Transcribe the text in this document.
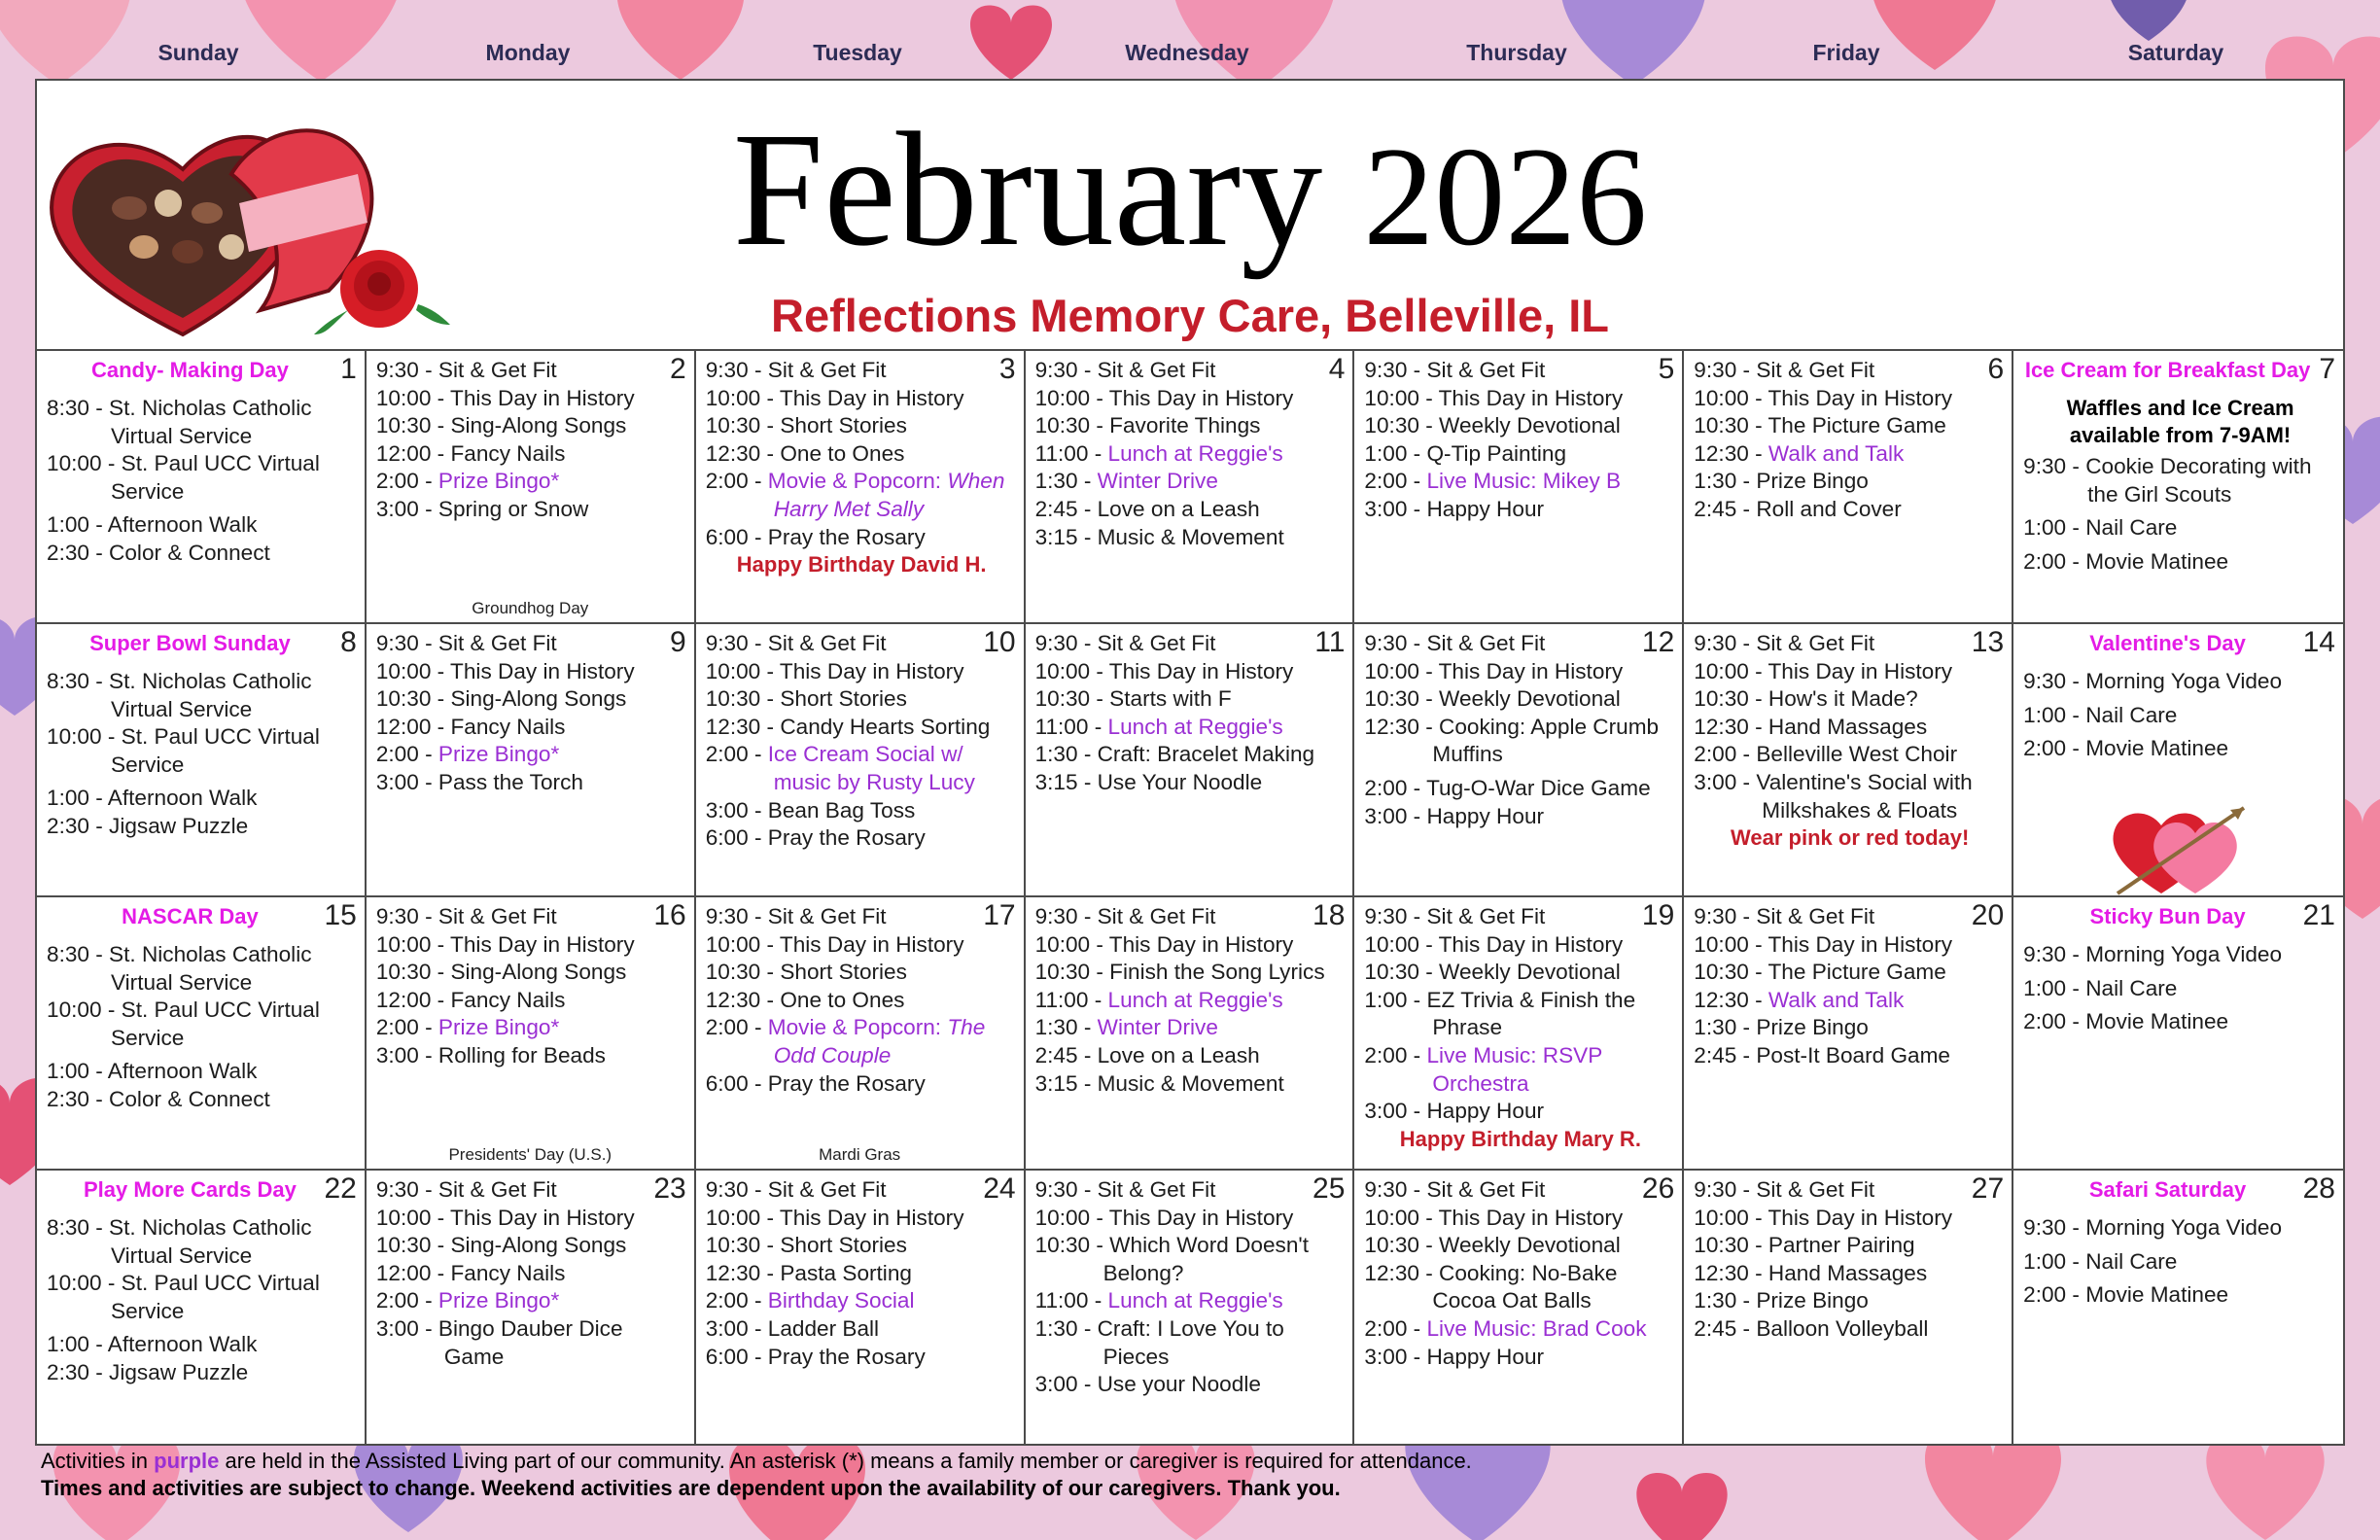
Sunday	Monday	Tuesday	Wednesday	Thursday	Friday	Saturday
February 2026
Reflections Memory Care, Belleville, IL
1
Candy- Making Day
8:30 - St. Nicholas Catholic Virtual Service
10:00 - St. Paul UCC Virtual Service
1:00 - Afternoon Walk
2:30 - Color & Connect
2
9:30 - Sit & Get Fit
10:00 - This Day in History
10:30 - Sing-Along Songs
12:00 - Fancy Nails
2:00 - Prize Bingo*
3:00 - Spring or Snow
Groundhog Day
3
9:30 - Sit & Get Fit
10:00 - This Day in History
10:30 - Short Stories
12:30 - One to Ones
2:00 - Movie & Popcorn: When Harry Met Sally
6:00 - Pray the Rosary
Happy Birthday David H.
4
9:30 - Sit & Get Fit
10:00 - This Day in History
10:30 - Favorite Things
11:00 - Lunch at Reggie's
1:30 - Winter Drive
2:45 - Love on a Leash
3:15 - Music & Movement
5
9:30 - Sit & Get Fit
10:00 - This Day in History
10:30 - Weekly Devotional
1:00 - Q-Tip Painting
2:00 - Live Music: Mikey B
3:00 - Happy Hour
6
9:30 - Sit & Get Fit
10:00 - This Day in History
10:30 - The Picture Game
12:30 - Walk and Talk
1:30 - Prize Bingo
2:45 - Roll and Cover
7
Ice Cream for Breakfast Day
Waffles and Ice Cream available from 7-9AM!
9:30 - Cookie Decorating with the Girl Scouts
1:00 - Nail Care
2:00 - Movie Matinee
8
Super Bowl Sunday
8:30 - St. Nicholas Catholic Virtual Service
10:00 - St. Paul UCC Virtual Service
1:00 - Afternoon Walk
2:30 - Jigsaw Puzzle
9
9:30 - Sit & Get Fit
10:00 - This Day in History
10:30 - Sing-Along Songs
12:00 - Fancy Nails
2:00 - Prize Bingo*
3:00 - Pass the Torch
10
9:30 - Sit & Get Fit
10:00 - This Day in History
10:30 - Short Stories
12:30 - Candy Hearts Sorting
2:00 - Ice Cream Social w/ music by Rusty Lucy
3:00 - Bean Bag Toss
6:00 - Pray the Rosary
11
9:30 - Sit & Get Fit
10:00 - This Day in History
10:30 - Starts with F
11:00 - Lunch at Reggie's
1:30 - Craft: Bracelet Making
3:15 - Use Your Noodle
12
9:30 - Sit & Get Fit
10:00 - This Day in History
10:30 - Weekly Devotional
12:30 - Cooking: Apple Crumb Muffins
2:00 - Tug-O-War Dice Game
3:00 - Happy Hour
13
9:30 - Sit & Get Fit
10:00 - This Day in History
10:30 - How's it Made?
12:30 - Hand Massages
2:00 - Belleville West Choir
3:00 - Valentine's Social with Milkshakes & Floats
Wear pink or red today!
14
Valentine's Day
9:30 - Morning Yoga Video
1:00 - Nail Care
2:00 - Movie Matinee
15
NASCAR Day
8:30 - St. Nicholas Catholic Virtual Service
10:00 - St. Paul UCC Virtual Service
1:00 - Afternoon Walk
2:30 - Color & Connect
16
9:30 - Sit & Get Fit
10:00 - This Day in History
10:30 - Sing-Along Songs
12:00 - Fancy Nails
2:00 - Prize Bingo*
3:00 - Rolling for Beads
Presidents' Day (U.S.)
17
9:30 - Sit & Get Fit
10:00 - This Day in History
10:30 - Short Stories
12:30 - One to Ones
2:00 - Movie & Popcorn: The Odd Couple
6:00 - Pray the Rosary
Mardi Gras
18
9:30 - Sit & Get Fit
10:00 - This Day in History
10:30 - Finish the Song Lyrics
11:00 - Lunch at Reggie's
1:30 - Winter Drive
2:45 - Love on a Leash
3:15 - Music & Movement
19
9:30 - Sit & Get Fit
10:00 - This Day in History
10:30 - Weekly Devotional
1:00 - EZ Trivia & Finish the Phrase
2:00 - Live Music: RSVP Orchestra
3:00 - Happy Hour
Happy Birthday Mary R.
20
9:30 - Sit & Get Fit
10:00 - This Day in History
10:30 - The Picture Game
12:30 - Walk and Talk
1:30 - Prize Bingo
2:45 - Post-It Board Game
21
Sticky Bun Day
9:30 - Morning Yoga Video
1:00 - Nail Care
2:00 - Movie Matinee
22
Play More Cards Day
8:30 - St. Nicholas Catholic Virtual Service
10:00 - St. Paul UCC Virtual Service
1:00 - Afternoon Walk
2:30 - Jigsaw Puzzle
23
9:30 - Sit & Get Fit
10:00 - This Day in History
10:30 - Sing-Along Songs
12:00 - Fancy Nails
2:00 - Prize Bingo*
3:00 - Bingo Dauber Dice Game
24
9:30 - Sit & Get Fit
10:00 - This Day in History
10:30 - Short Stories
12:30 - Pasta Sorting
2:00 - Birthday Social
3:00 - Ladder Ball
6:00 - Pray the Rosary
25
9:30 - Sit & Get Fit
10:00 - This Day in History
10:30 - Which Word Doesn't Belong?
11:00 - Lunch at Reggie's
1:30 - Craft: I Love You to Pieces
3:00 - Use your Noodle
26
9:30 - Sit & Get Fit
10:00 - This Day in History
10:30 - Weekly Devotional
12:30 - Cooking: No-Bake Cocoa Oat Balls
2:00 - Live Music: Brad Cook
3:00 - Happy Hour
27
9:30 - Sit & Get Fit
10:00 - This Day in History
10:30 - Partner Pairing
12:30 - Hand Massages
1:30 - Prize Bingo
2:45 - Balloon Volleyball
28
Safari Saturday
9:30 - Morning Yoga Video
1:00 - Nail Care
2:00 - Movie Matinee
Activities in purple are held in the Assisted Living part of our community. An asterisk (*) means a family member or caregiver is required for attendance.
Times and activities are subject to change. Weekend activities are dependent upon the availability of our caregivers. Thank you.
